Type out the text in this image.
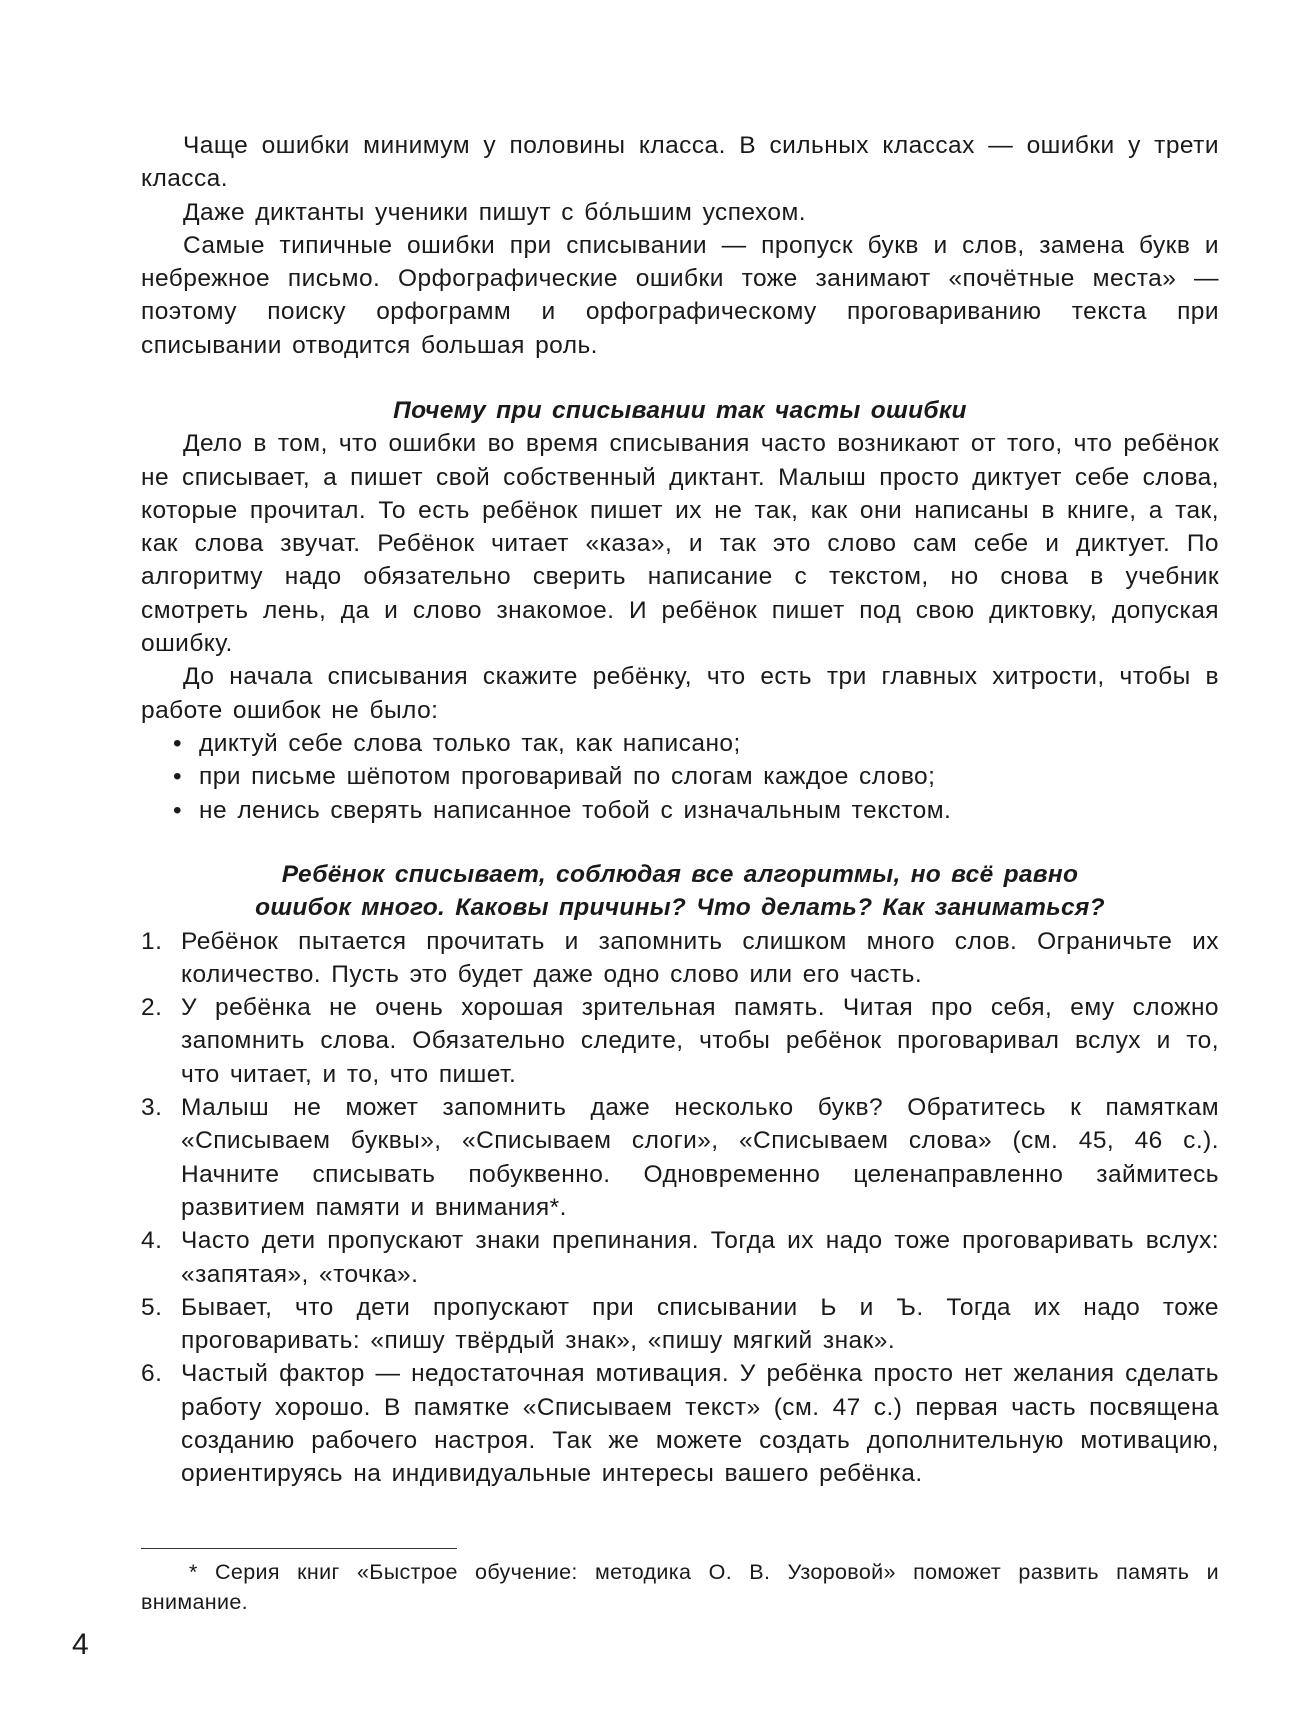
Чаще ошибки минимум у половины класса. В сильных классах — ошибки у трети класса.

Даже диктанты ученики пишут с бо́льшим успехом.

Самые типичные ошибки при списывании — пропуск букв и слов, замена букв и небрежное письмо. Орфографические ошибки тоже занимают «почётные места» — поэтому поиску орфограмм и орфографическому проговариванию текста при списывании отводится большая роль.

Почему при списывании так часты ошибки

Дело в том, что ошибки во время списывания часто возникают от того, что ребёнок не списывает, а пишет свой собственный диктант. Малыш просто диктует себе слова, которые прочитал. То есть ребёнок пишет их не так, как они написаны в книге, а так, как слова звучат. Ребёнок читает «каза», и так это слово сам себе и диктует. По алгоритму надо обязательно сверить написание с текстом, но снова в учебник смотреть лень, да и слово знакомое. И ребёнок пишет под свою диктовку, допуская ошибку.

До начала списывания скажите ребёнку, что есть три главных хитрости, чтобы в работе ошибок не было:

• диктуй себе слова только так, как написано;
• при письме шёпотом проговаривай по слогам каждое слово;
• не ленись сверять написанное тобой с изначальным текстом.
Ребёнок списывает, соблюдая все алгоритмы, но всё равно
ошибок много. Каковы причины? Что делать? Как заниматься?
1. Ребёнок пытается прочитать и запомнить слишком много слов. Ограничьте их количество. Пусть это будет даже одно слово или его часть.
2. У ребёнка не очень хорошая зрительная память. Читая про себя, ему сложно запомнить слова. Обязательно следите, чтобы ребёнок проговаривал вслух и то, что читает, и то, что пишет.
3. Малыш не может запомнить даже несколько букв? Обратитесь к памяткам «Списываем буквы», «Списываем слоги», «Списываем слова» (см. 45, 46 с.). Начните списывать побуквенно. Одновременно целенаправленно займитесь развитием памяти и внимания*.
4. Часто дети пропускают знаки препинания. Тогда их надо тоже проговаривать вслух: «запятая», «точка».
5. Бывает, что дети пропускают при списывании Ь и Ъ. Тогда их надо тоже проговаривать: «пишу твёрдый знак», «пишу мягкий знак».
6. Частый фактор — недостаточная мотивация. У ребёнка просто нет желания сделать работу хорошо. В памятке «Списываем текст» (см. 47 с.) первая часть посвящена созданию рабочего настроя. Так же можете создать дополнительную мотивацию, ориентируясь на индивидуальные интересы вашего ребёнка.

* Серия книг «Быстрое обучение: методика О. В. Узоровой» поможет развить память и внимание.

4
